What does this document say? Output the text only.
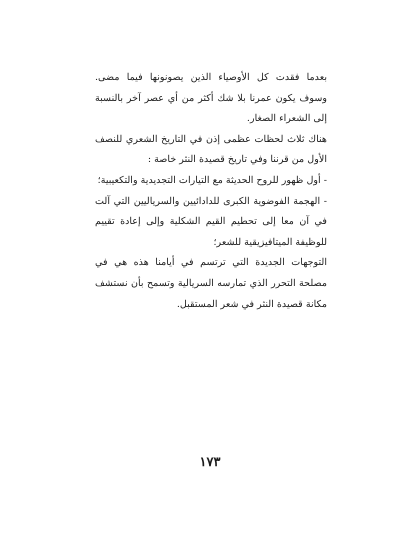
بعدما فقدت كل الأوصياء الذين يصونونها فيما مضى. وسوف يكون عمرنا بلا شك أكثر من أي عصر آخر بالنسبة إلى الشعراء الصغار.

هناك ثلاث لحظات عظمى إذن في التاريخ الشعري للنصف الأول من قرننا وفي تاريخ قصيدة النثر خاصة :

- أول ظهور للروح الحديثة مع التيارات التجديدية والتكعيبية؛

- الهجمة الفوضوية الكبرى للدادائيين والسرياليين التي آلت في آن معا إلى تحطيم القيم الشكلية وإلى إعادة تقييم للوظيفة الميتافيزيقية للشعر؛

التوجهات الجديدة التي ترتسم في أيامنا هذه هي في مصلحة التحرر الذي تمارسه السريالية وتسمح بأن نستشف مكانة قصيدة النثر في شعر المستقبل.

١٧٣
